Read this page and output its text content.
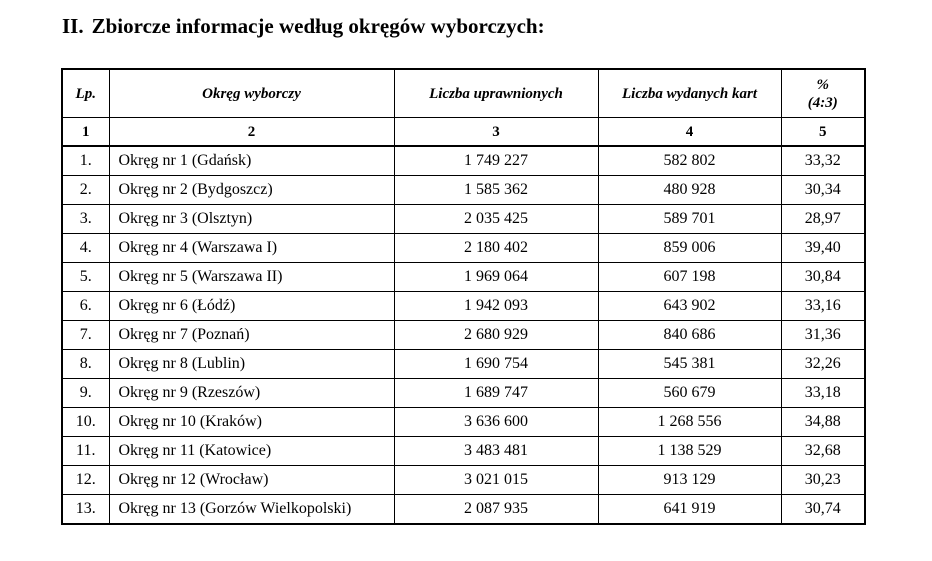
II. Zbiorcze informacje według okręgów wyborczych:
Lp.	Okręg wyborczy	Liczba uprawnionych	Liczba wydanych kart	%
(4:3)

1	2	3	4	5
1.	Okręg nr 1 (Gdańsk)	1 749 227	582 802	33,32
2.	Okręg nr 2 (Bydgoszcz)	1 585 362	480 928	30,34
3.	Okręg nr 3 (Olsztyn)	2 035 425	589 701	28,97
4.	Okręg nr 4 (Warszawa I)	2 180 402	859 006	39,40
5.	Okręg nr 5 (Warszawa II)	1 969 064	607 198	30,84
6.	Okręg nr 6 (Łódź)	1 942 093	643 902	33,16
7.	Okręg nr 7 (Poznań)	2 680 929	840 686	31,36
8.	Okręg nr 8 (Lublin)	1 690 754	545 381	32,26
9.	Okręg nr 9 (Rzeszów)	1 689 747	560 679	33,18
10.	Okręg nr 10 (Kraków)	3 636 600	1 268 556	34,88
11.	Okręg nr 11 (Katowice)	3 483 481	1 138 529	32,68
12.	Okręg nr 12 (Wrocław)	3 021 015	913 129	30,23
13.	Okręg nr 13 (Gorzów Wielkopolski)	2 087 935	641 919	30,74
